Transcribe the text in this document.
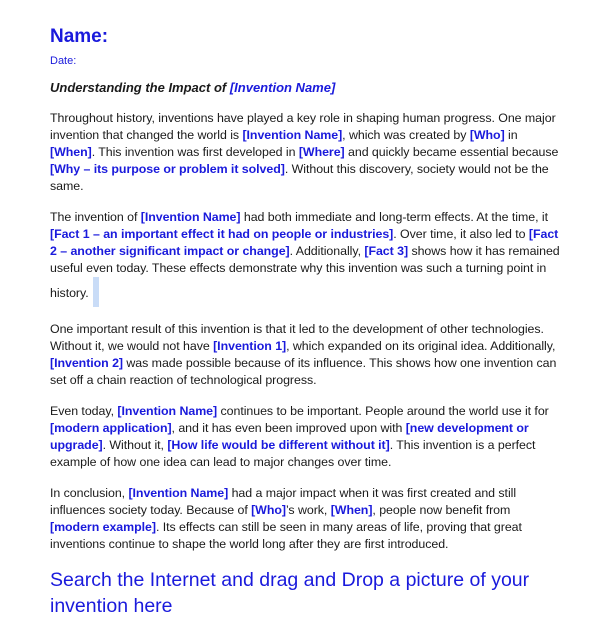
Name:
Date:
Understanding the Impact of [Invention Name]

Throughout history, inventions have played a key role in shaping human progress. One major invention that changed the world is [Invention Name], which was created by [Who] in [When]. This invention was first developed in [Where] and quickly became essential because [Why – its purpose or problem it solved]. Without this discovery, society would not be the same.

The invention of [Invention Name] had both immediate and long-term effects. At the time, it [Fact 1 – an important effect it had on people or industries]. Over time, it also led to [Fact 2 – another significant impact or change]. Additionally, [Fact 3] shows how it has remained useful even today. These effects demonstrate why this invention was such a turning point in history.

One important result of this invention is that it led to the development of other technologies. Without it, we would not have [Invention 1], which expanded on its original idea. Additionally, [Invention 2] was made possible because of its influence. This shows how one invention can set off a chain reaction of technological progress.

Even today, [Invention Name] continues to be important. People around the world use it for [modern application], and it has even been improved upon with [new development or upgrade]. Without it, [How life would be different without it]. This invention is a perfect example of how one idea can lead to major changes over time.

In conclusion, [Invention Name] had a major impact when it was first created and still influences society today. Because of [Who]’s work, [When], people now benefit from [modern example]. Its effects can still be seen in many areas of life, proving that great inventions continue to shape the world long after they are first introduced.

Search the Internet and drag and Drop a picture of your invention here
